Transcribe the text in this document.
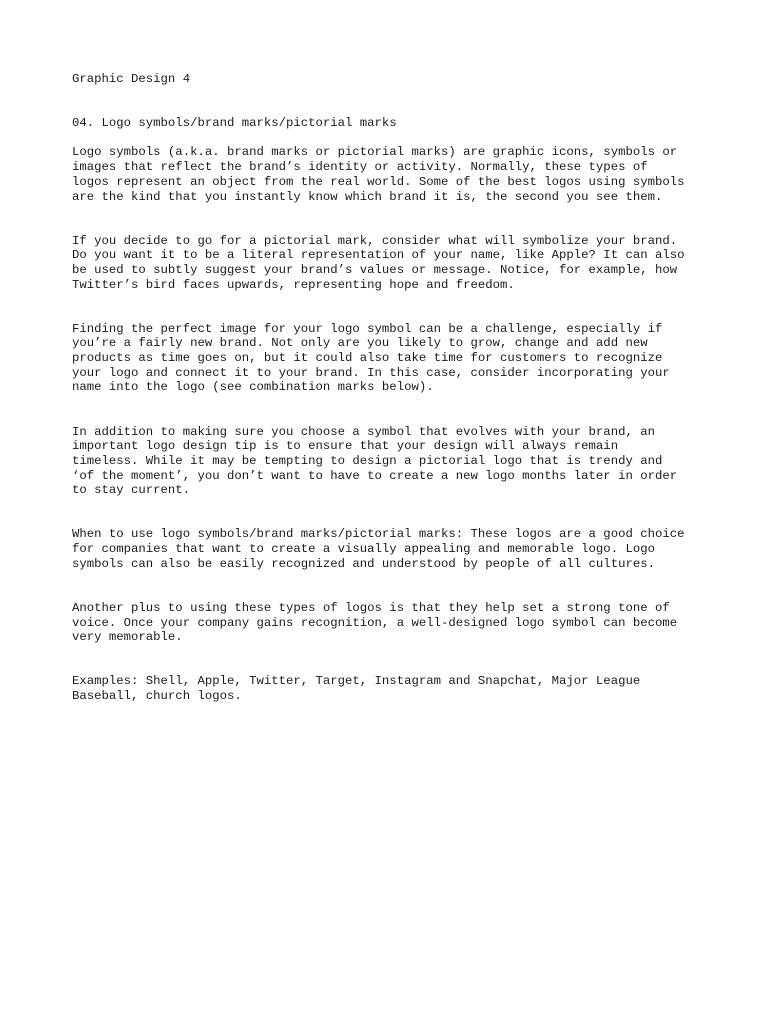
Graphic Design 4
04. Logo symbols/brand marks/pictorial marks
Logo symbols (a.k.a. brand marks or pictorial marks) are graphic icons, symbols or
images that reflect the brand’s identity or activity. Normally, these types of
logos represent an object from the real world. Some of the best logos using symbols
are the kind that you instantly know which brand it is, the second you see them.
If you decide to go for a pictorial mark, consider what will symbolize your brand.
Do you want it to be a literal representation of your name, like Apple? It can also
be used to subtly suggest your brand’s values or message. Notice, for example, how
Twitter’s bird faces upwards, representing hope and freedom.
Finding the perfect image for your logo symbol can be a challenge, especially if
you’re a fairly new brand. Not only are you likely to grow, change and add new
products as time goes on, but it could also take time for customers to recognize
your logo and connect it to your brand. In this case, consider incorporating your
name into the logo (see combination marks below).
In addition to making sure you choose a symbol that evolves with your brand, an
important logo design tip is to ensure that your design will always remain
timeless. While it may be tempting to design a pictorial logo that is trendy and
‘of the moment’, you don’t want to have to create a new logo months later in order
to stay current.
When to use logo symbols/brand marks/pictorial marks: These logos are a good choice
for companies that want to create a visually appealing and memorable logo. Logo
symbols can also be easily recognized and understood by people of all cultures.
Another plus to using these types of logos is that they help set a strong tone of
voice. Once your company gains recognition, a well-designed logo symbol can become
very memorable.
Examples: Shell, Apple, Twitter, Target, Instagram and Snapchat, Major League
Baseball, church logos.
